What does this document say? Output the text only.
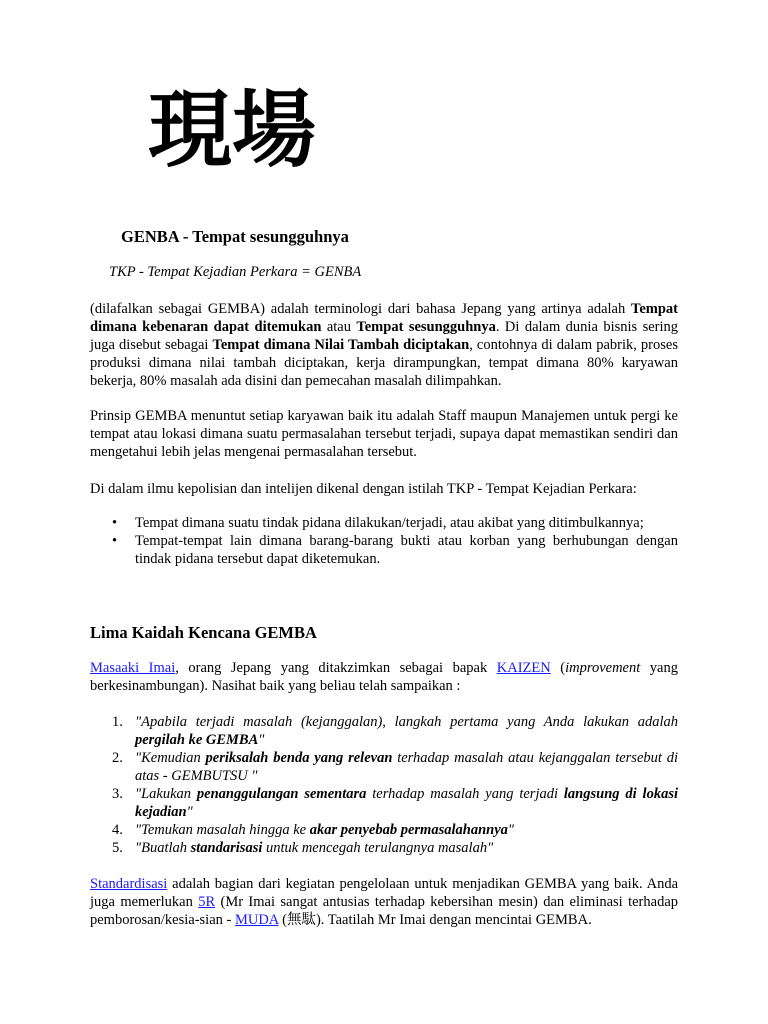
現場
GENBA - Tempat sesungguhnya

TKP - Tempat Kejadian Perkara = GENBA

(dilafalkan sebagai GEMBA) adalah terminologi dari bahasa Jepang yang artinya adalah Tempat dimana kebenaran dapat ditemukan atau Tempat sesungguhnya. Di dalam dunia bisnis sering juga disebut sebagai Tempat dimana Nilai Tambah diciptakan, contohnya di dalam pabrik, proses produksi dimana nilai tambah diciptakan, kerja dirampungkan, tempat dimana 80% karyawan bekerja, 80% masalah ada disini dan pemecahan masalah dilimpahkan.

Prinsip GEMBA menuntut setiap karyawan baik itu adalah Staff maupun Manajemen untuk pergi ke tempat atau lokasi dimana suatu permasalahan tersebut terjadi, supaya dapat memastikan sendiri dan mengetahui lebih jelas mengenai permasalahan tersebut.

Di dalam ilmu kepolisian dan intelijen dikenal dengan istilah TKP - Tempat Kejadian Perkara:

• Tempat dimana suatu tindak pidana dilakukan/terjadi, atau akibat yang ditimbulkannya;
• Tempat-tempat lain dimana barang-barang bukti atau korban yang berhubungan dengan tindak pidana tersebut dapat diketemukan.
Lima Kaidah Kencana GEMBA

Masaaki Imai, orang Jepang yang ditakzimkan sebagai bapak KAIZEN (improvement yang berkesinambungan). Nasihat baik yang beliau telah sampaikan :

1. "Apabila terjadi masalah (kejanggalan), langkah pertama yang Anda lakukan adalah pergilah ke GEMBA"
2. "Kemudian periksalah benda yang relevan terhadap masalah atau kejanggalan tersebut di atas - GEMBUTSU "
3. "Lakukan penanggulangan sementara terhadap masalah yang terjadi langsung di lokasi kejadian"
4. "Temukan masalah hingga ke akar penyebab permasalahannya"
5. "Buatlah standarisasi untuk mencegah terulangnya masalah"

Standardisasi adalah bagian dari kegiatan pengelolaan untuk menjadikan GEMBA yang baik. Anda juga memerlukan 5R (Mr Imai sangat antusias terhadap kebersihan mesin) dan eliminasi terhadap pemborosan/kesia-sian - MUDA (無駄). Taatilah Mr Imai dengan mencintai GEMBA.
